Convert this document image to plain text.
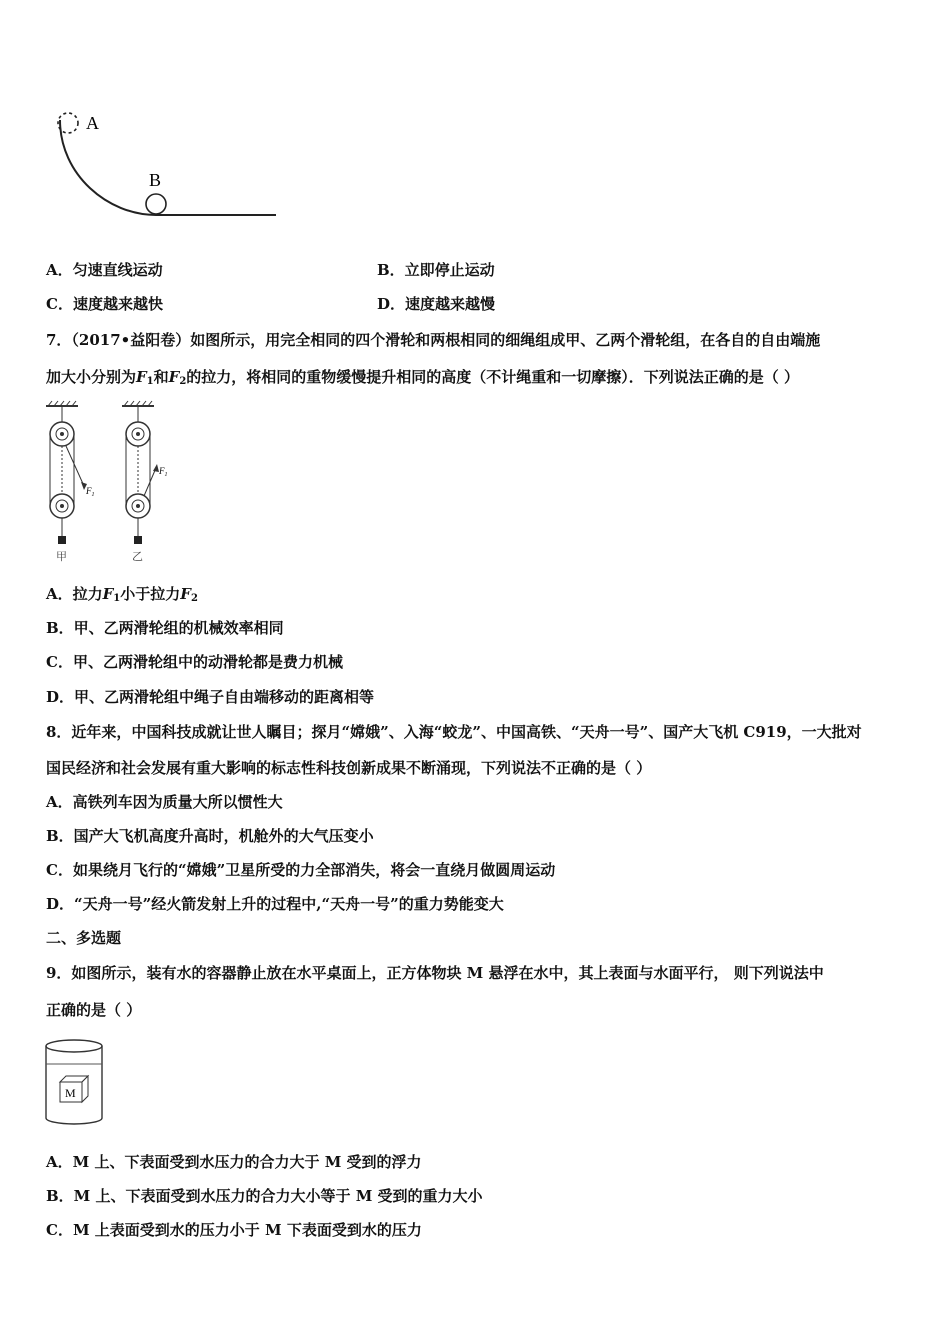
A
B
A．匀速直线运动	B．立即停止运动
C．速度越来越快	D．速度越来越慢
7．（2017•益阳卷）如图所示，用完全相同的四个滑轮和两根相同的细绳组成甲、乙两个滑轮组，在各自的自由端施
加大小分别为$F_1$和$F_2$的拉力，将相同的重物缓慢提升相同的高度（不计绳重和一切摩擦）．下列说法正确的是（ ）
$F_1$
甲
$F_1$
乙
A．拉力$F_1$小于拉力$F_2$
B．甲、乙两滑轮组的机械效率相同
C．甲、乙两滑轮组中的动滑轮都是费力机械
D．甲、乙两滑轮组中绳子自由端移动的距离相等
8．近年来，中国科技成就让世人瞩目；探月“嫦娥”、入海“蛟龙”、中国高铁、“天舟一号”、国产大飞机 C919，一大批对
国民经济和社会发展有重大影响的标志性科技创新成果不断涌现，下列说法不正确的是（ ）
A．高铁列车因为质量大所以惯性大
B．国产大飞机高度升高时，机舱外的大气压变小
C．如果绕月飞行的“嫦娥”卫星所受的力全部消失，将会一直绕月做圆周运动
D．“天舟一号”经火箭发射上升的过程中,“天舟一号”的重力势能变大
二、多选题
9．如图所示，装有水的容器静止放在水平桌面上，正方体物块 M 悬浮在水中，其上表面与水面平行， 则下列说法中
正确的是（ ）
M
A．M 上、下表面受到水压力的合力大于 M 受到的浮力
B．M 上、下表面受到水压力的合力大小等于 M 受到的重力大小
C．M 上表面受到水的压力小于 M 下表面受到水的压力
